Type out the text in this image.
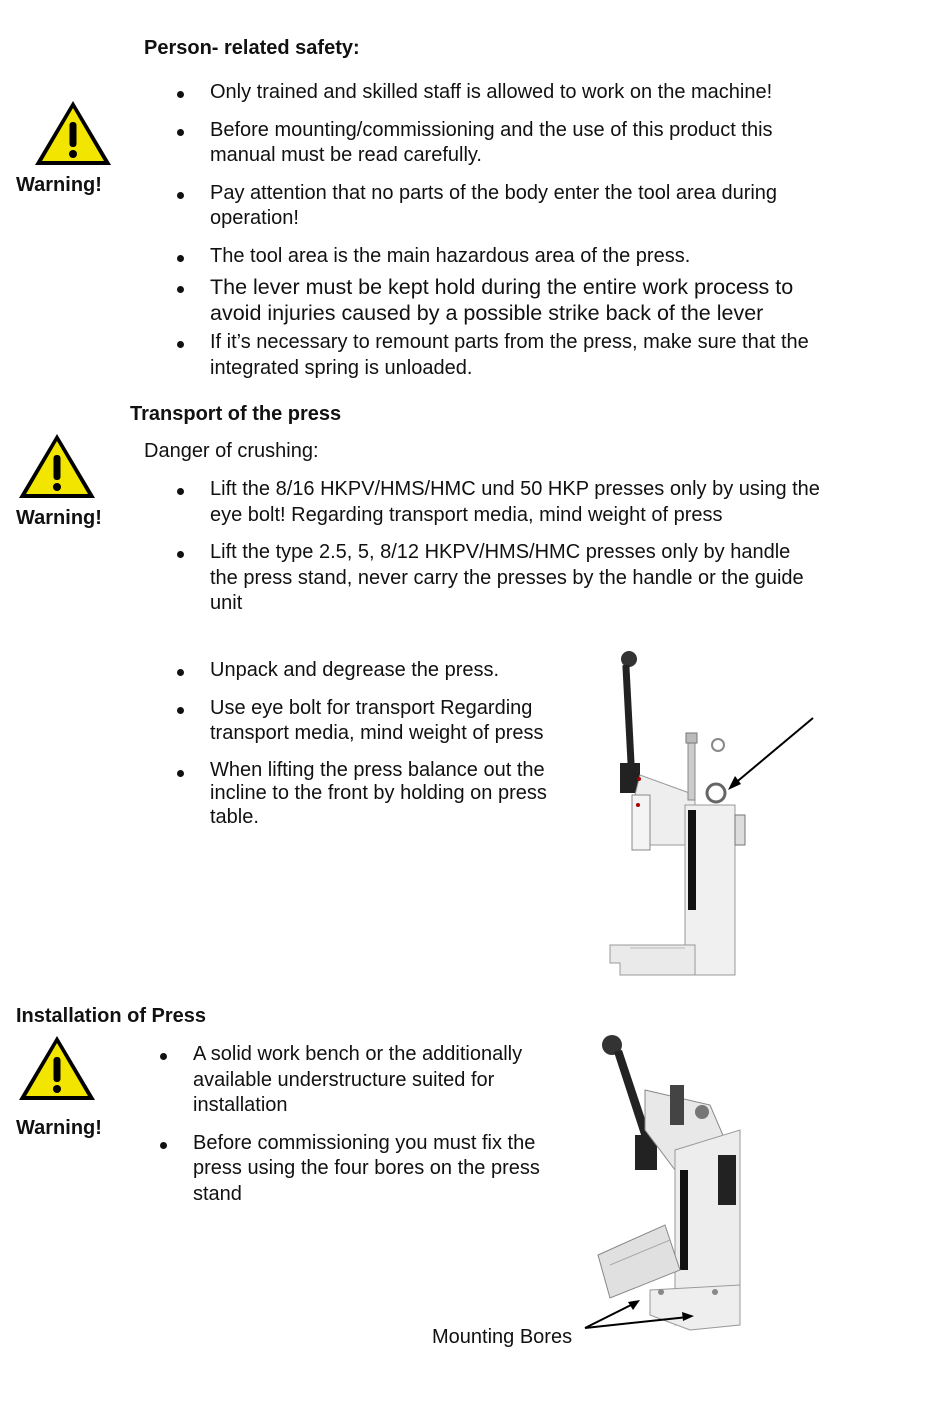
Person- related safety:
Warning!
Only trained and skilled staff is allowed to work on the machine!
Before mounting/commissioning and the use of this product this manual must be read carefully.
Pay attention that no parts of the body enter the tool area during operation!
The tool area is the main hazardous area of the press.
The lever must be kept hold during the entire work process to avoid injuries caused by a possible strike back of the lever
If it’s necessary to remount parts from the press, make sure that the integrated spring is unloaded.
Transport of the press
Warning!
Danger of crushing:
Lift the 8/16 HKPV/HMS/HMC und 50 HKP presses only by using the eye bolt! Regarding transport media, mind weight of press
Lift the type 2.5, 5, 8/12 HKPV/HMS/HMC presses only by handle the press stand, never carry the presses by the handle or the guide unit
Unpack and degrease the press.
Use eye bolt for transport Regarding transport media, mind weight of press
When lifting the press balance out the incline to the front by holding on press table.
Installation of Press
Warning!
A solid work bench or the additionally available understructure suited for installation
Before commissioning you must fix the press using the four bores on the press stand
Mounting Bores
